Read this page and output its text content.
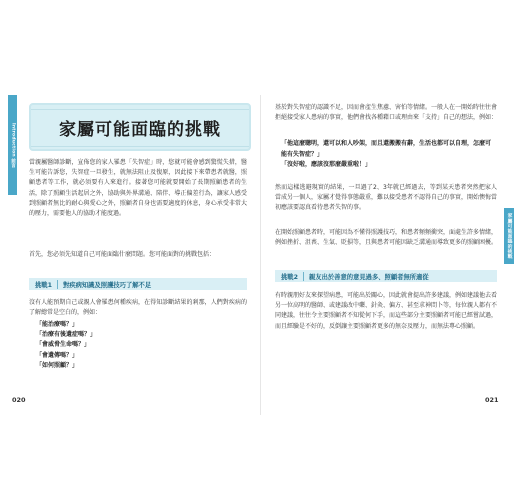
Introduction 前言	家屬可能面臨的挑戰

當親屬醫師診斷，宣佈您的家人罹患「失智症」時，您就可能會感到驚慌失措，醫生可能告訴您，失智症一旦發生，就無法阻止及復原，因此接下來帶患者就醫，照顧患者等工作，就必須要有人來進行。接著您可能就要開始了長期照顧患者的生活，除了照顧生活起居之外，協助與外界溝通、陪伴、導正偏差行為，讓家人感受到照顧者無比的耐心與愛心之外，照顧者自身也需要適度的休息，身心承受非常大的壓力，需要他人的協助才能度過。

首先，您必須先知道自己可能面臨什麼問題。您可能面對的挑戰包括：

挑戰1	對疾病知識及照護技巧了解不足

沒有人能預期自己或親人會罹患何種疾病，在得知診斷結果的剎那，人們對疾病的了解總常是空白的，例如：

「能治療嗎？」
「治療有後遺症嗎？」
「會威脅生命嗎？」
「會遺傳嗎？」
「如何照顧？」
020

基於對失智症的認識不足，因而會產生焦慮、害怕等情緒。一般人在一開始時往往會拒絕接受家人患病的事實，他們會找各種藉口或理由來「支持」自己的想法，例如：

「他這麼聰明，還可以和人吵架，而且還搬搬有辭，生活也都可以自理，怎麼可能有失智症？」
「沒好啦，應該沒那麼嚴重啦！」

然而這樣逃避現實的結果，一旦過了2、3年就已經過去，等到某天患者突然把家人當成另一個人，家屬才覺得事態嚴重，難以接受患者不認得自己的事實，開始懊悔當初應該要認真看待患者失智的事。

在開始照顧患者時，可能因為不懂得照護技巧，和患者頻頻衝突，面處生許多情緒，例如挫折、沮喪、生氣、貶損等，且與患者可能因缺乏溝通而導致更多的照顧困擾。 家屬可能面臨的挑戰
挑戰2	親友出於善意的意見過多、照顧者無所適從

有時親朋好友來探望病患，可能出於關心，因此就會提出許多建議，例如建議他去看另一位高明的醫師、或建議改中藥、針灸、偏方、甚至求神問卜等，每位親人都有不同建議，往往令主要照顧者不知從何下手，而這些部分主要照顧者可能已經嘗試過，而且經驗是不好的，反倒讓主要照顧者更多的無奈及壓力，而無法專心照顧。

021
